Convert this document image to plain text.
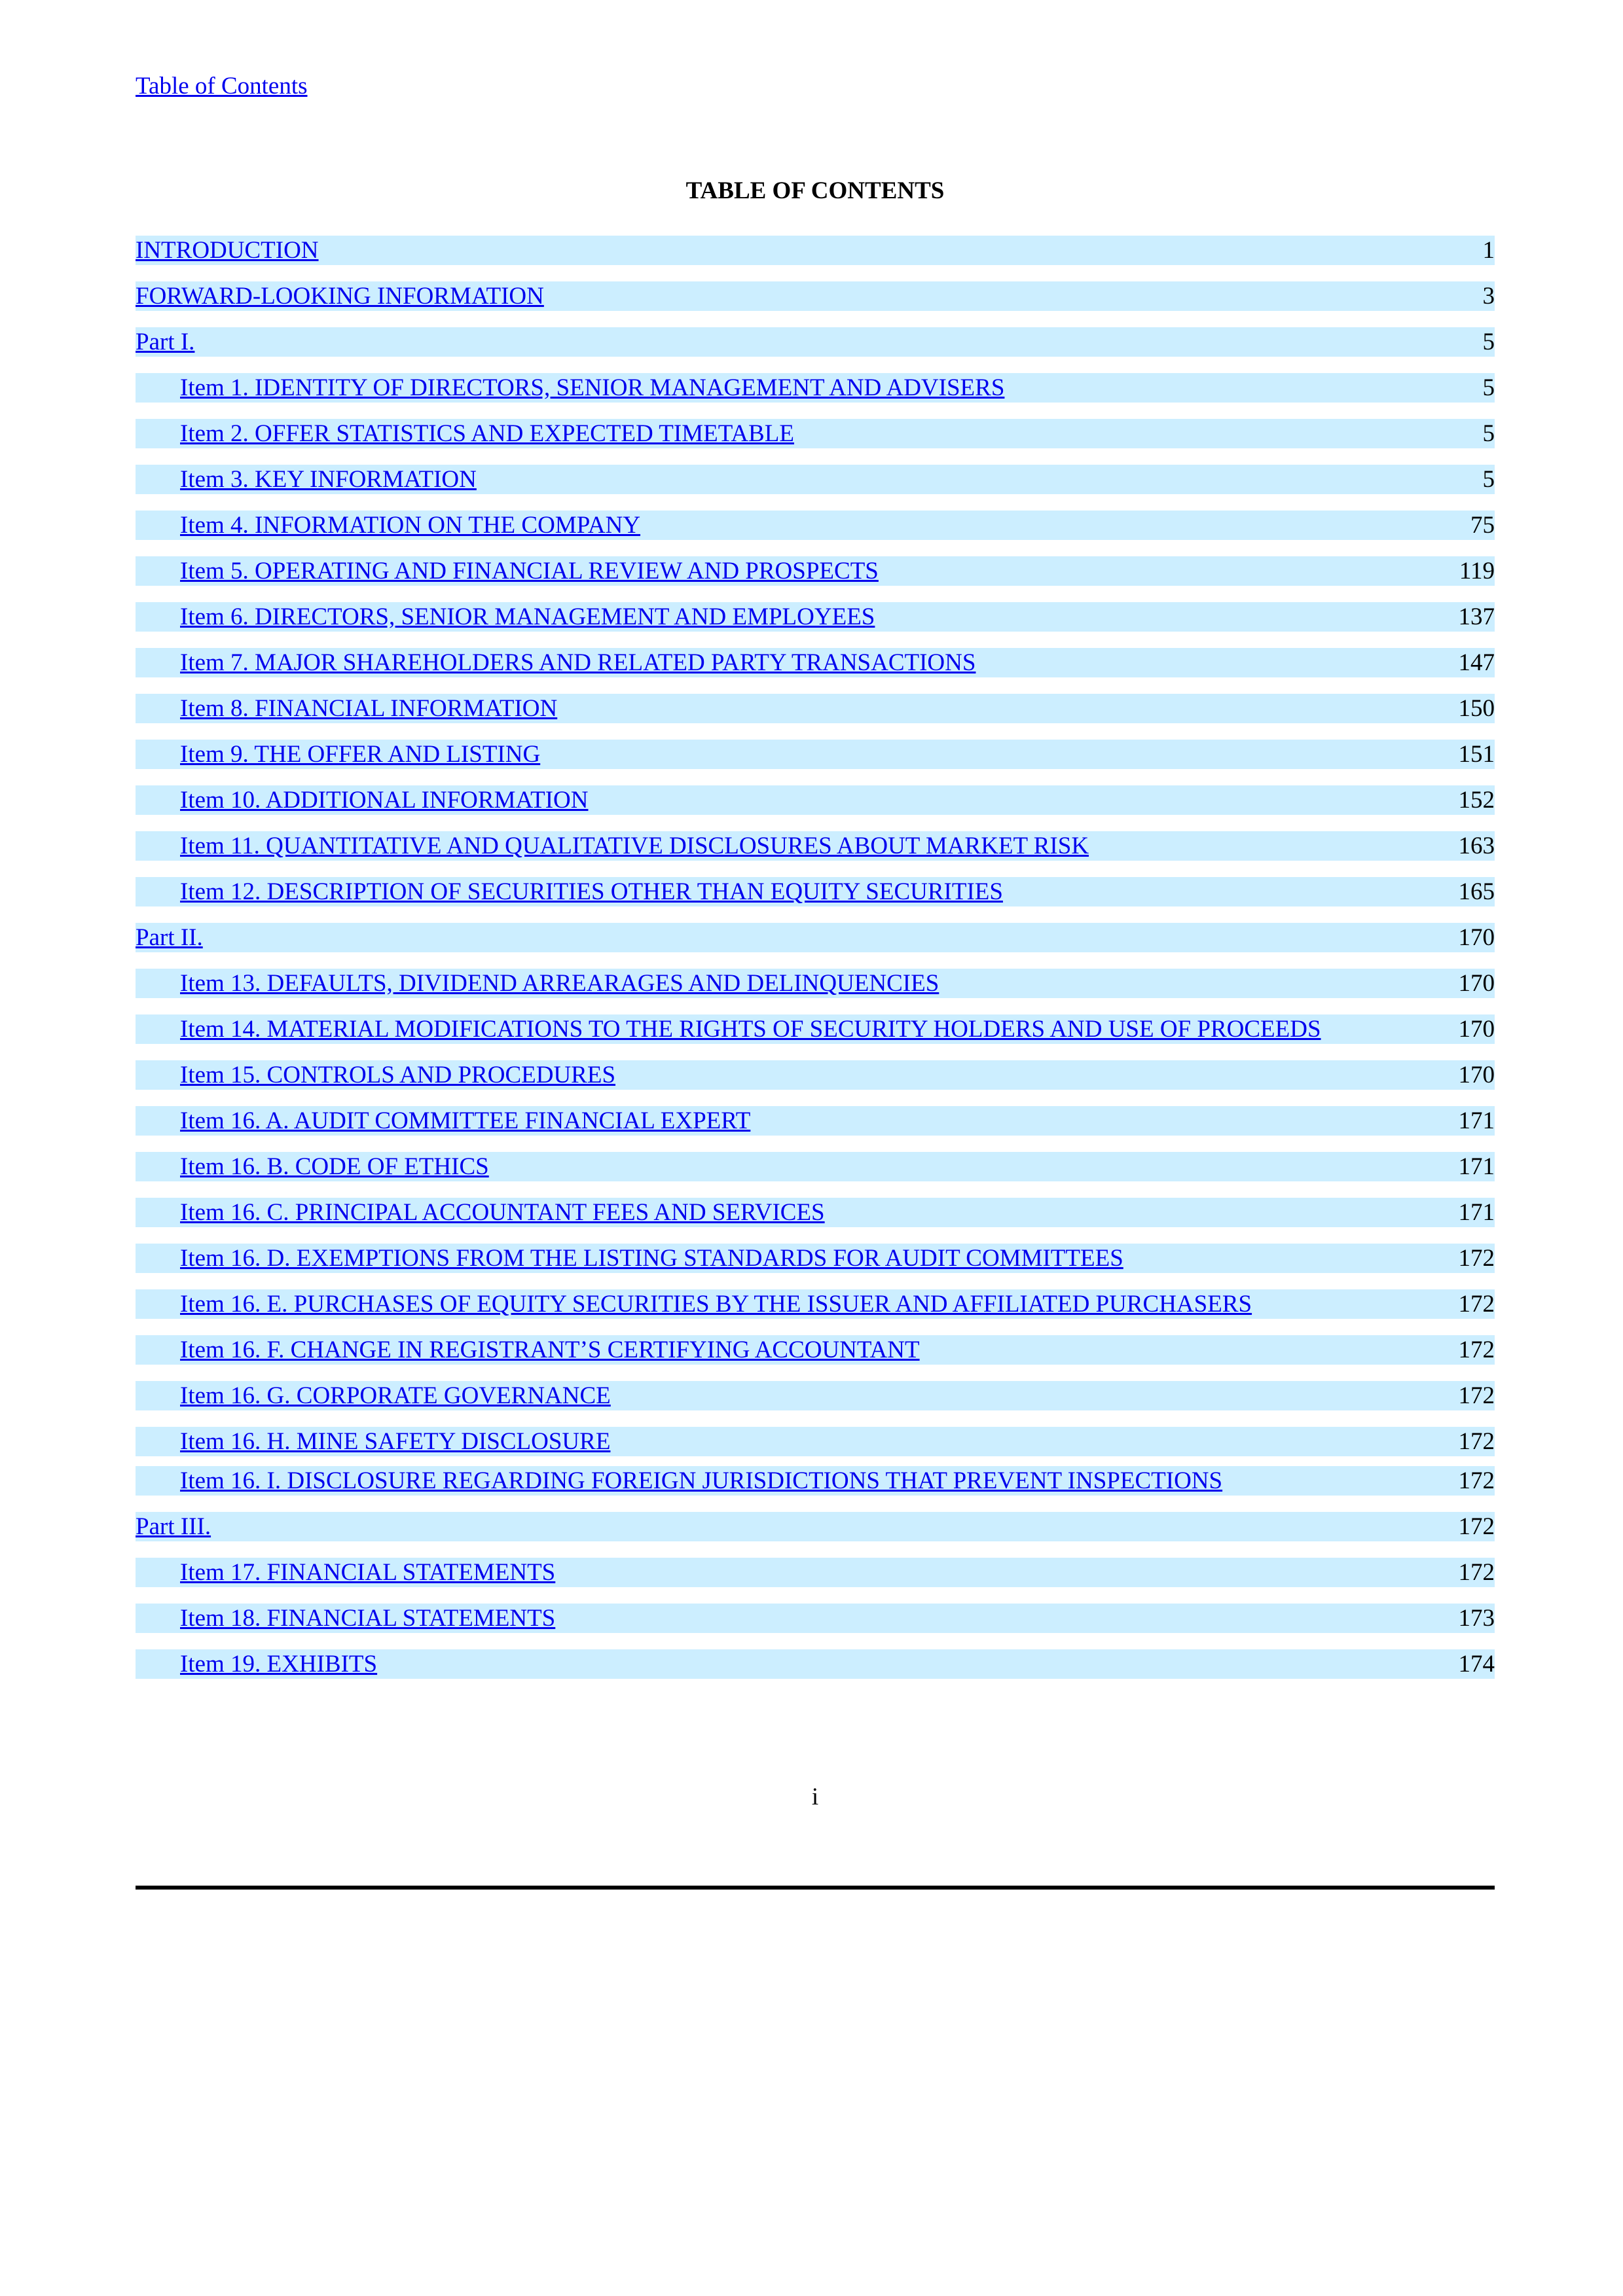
Table of Contents
TABLE OF CONTENTS
INTRODUCTION	1
FORWARD-LOOKING INFORMATION	3
Part I.	5
Item 1. IDENTITY OF DIRECTORS, SENIOR MANAGEMENT AND ADVISERS	5
Item 2. OFFER STATISTICS AND EXPECTED TIMETABLE	5
Item 3. KEY INFORMATION	5
Item 4. INFORMATION ON THE COMPANY	75
Item 5. OPERATING AND FINANCIAL REVIEW AND PROSPECTS	119
Item 6. DIRECTORS, SENIOR MANAGEMENT AND EMPLOYEES	137
Item 7. MAJOR SHAREHOLDERS AND RELATED PARTY TRANSACTIONS	147
Item 8. FINANCIAL INFORMATION	150
Item 9. THE OFFER AND LISTING	151
Item 10. ADDITIONAL INFORMATION	152
Item 11. QUANTITATIVE AND QUALITATIVE DISCLOSURES ABOUT MARKET RISK	163
Item 12. DESCRIPTION OF SECURITIES OTHER THAN EQUITY SECURITIES	165
Part II.	170
Item 13. DEFAULTS, DIVIDEND ARREARAGES AND DELINQUENCIES	170
Item 14. MATERIAL MODIFICATIONS TO THE RIGHTS OF SECURITY HOLDERS AND USE OF PROCEEDS	170
Item 15. CONTROLS AND PROCEDURES	170
Item 16. A. AUDIT COMMITTEE FINANCIAL EXPERT	171
Item 16. B. CODE OF ETHICS	171
Item 16. C. PRINCIPAL ACCOUNTANT FEES AND SERVICES	171
Item 16. D. EXEMPTIONS FROM THE LISTING STANDARDS FOR AUDIT COMMITTEES	172
Item 16. E. PURCHASES OF EQUITY SECURITIES BY THE ISSUER AND AFFILIATED PURCHASERS	172
Item 16. F. CHANGE IN REGISTRANT’S CERTIFYING ACCOUNTANT	172
Item 16. G. CORPORATE GOVERNANCE	172
Item 16. H. MINE SAFETY DISCLOSURE	172
Item 16. I. DISCLOSURE REGARDING FOREIGN JURISDICTIONS THAT PREVENT INSPECTIONS	172
Part III.	172
Item 17. FINANCIAL STATEMENTS	172
Item 18. FINANCIAL STATEMENTS	173
Item 19. EXHIBITS	174
i
